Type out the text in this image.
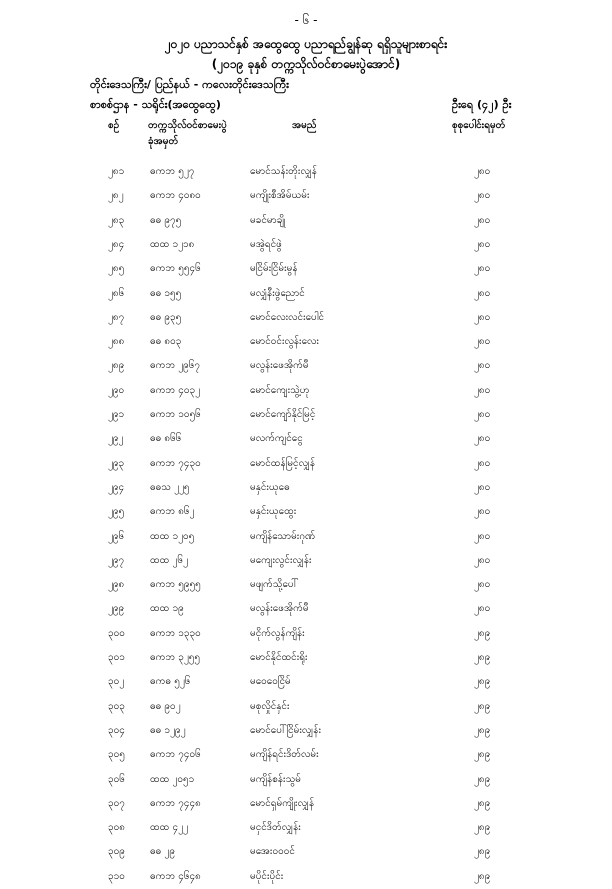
- ၆ -
၂၀၂၀ ပညာသင်နှစ် အထွေထွေ ပညာရည်ချွန်ဆု ရရှိသူများစာရင်း
(၂၀၁၉ ခုနှစ် တက္ကသိုလ်ဝင်စာမေးပွဲအောင်)
တိုင်းဒေသကြီး/ ပြည်နယ် - ကလေးတိုင်းဒေသကြီး
စာစစ်ဌာန - သရိုင်း(အထွေထွေ)	ဦးရေ (၄၂) ဦး
စဉ်	တက္ကသိုလ်ဝင်စာမေးပွဲ	အမည်	စုစုပေါင်းရမှတ်
ခုံအမှတ်
၂၈၁	ဓကဘ ၅၂၇	မောင်သန်းတိုးလျှန်	၂၈၀
၂၈၂	ဓကဘ ၄၀၈၀	မကျိုးစီအိမ်ယမ်း	၂၈၀
၂၈၃	ဓဓ ၉၇၅	မခင်မာချို	၂၈၀
၂၈၄	ထထ ၁၂၁၈	မအွဲရင်ဖွဲ	၂၈၀
၂၈၅	ဓကဘ ၅၅၄၆	မငြိမ်းငြိမ်းမွန်	၂၈၀
၂၈၆	ဓဓ ၁၅၅	မလျှံနီးဖွဲညောင်	၂၈၀
၂၈၇	ဓဓ ၉၃၅	မောင်လေးလင်းပေါင်	၂၈၀
၂၈၈	ဓဓ ၈၀၃	မောင်ဝင်းလွန်းလေး	၂၈၀
၂၈၉	ဓကဘ ၂၉၆၇	မလွန်းဖေအိုက်မီ	၂၈၀
၂၉၀	ဓကဘ ၄၀၃၂	မောင်ကျေးသွဲ့ဟု	၂၈၀
၂၉၁	ဓကဘ ၁၀၅၆	မောင်ကျော်နိုင်မြင့်	၂၈၀
၂၉၂	ဓဓ ၈၆၆	မလက်ကျင်ငွေ	၂၈၀
၂၉၃	ဓကဘ ၇၄၃၀	မောင်ထန်မြင့်လျှန်	၂၈၀
၂၉၄	ဓဓသ ၂၂၅	မနှင်းယုဓေ	၂၈၀
၂၉၅	ဓကဘ ၈၆၂	မနှင်းယုထွေး	၂၈၀
၂၉၆	ထထ ၁၂၀၅	မကျိန်သောမ်းဂုဏ်	၂၈၀
၂၉၇	ထထ ၂၆၂	မကျေးလွင်းလျှန်း	၂၈၀
၂၉၈	ဓကဘ ၅၉၅၅	မဖျက်သို့ပေါ်	၂၈၀
၂၉၉	ထထ ၁၉	မလွန်းဖေအိုက်မီ	၂၈၀
၃၀၀	ဓကဘ ၁၃၃၀	မငိုက်လွန်ကျိန်း	၂၈၉
၃၀၁	ဓကဘ ၃၂၅၅	မောင်နိုင်ထင်းရိုး	၂၈၉
၃၀၂	ဓကဓ ၅၂၆	မဝေဝေငြိမ်	၂၈၉
၃၀၃	ဓဓ ၉၀၂	မစုလှိုင်နှင်း	၂၈၉
၃၀၄	ဓဓ ၁၂၉၂	မောင်ပေါ်ငြိမ်းလျှန်း	၂၈၉
၃၀၅	ဓကဘ ၇၄၀၆	မကျိန်ရင်းဒိတ်လမ်း	၂၈၉
၃၀၆	ထထ ၂၀၅၁	မကျိန်စန်းသွမ်	၂၈၉
၃၀၇	ဓကဘ ၇၄၄၈	မောင်ရှမ်ကျိုးလျှန်	၂၈၉
၃၀၈	ထထ ၄၂၂	မငှင်ဒိတ်လျှန်း	၂၈၉
၃၀၉	ဓဓ ၂၉	မအေး၀၀၀င်	၂၈၉
၃၁၀	ဓကဘ ၄၆၄၈	မပိုင်းပိုင်း	၂၈၉
